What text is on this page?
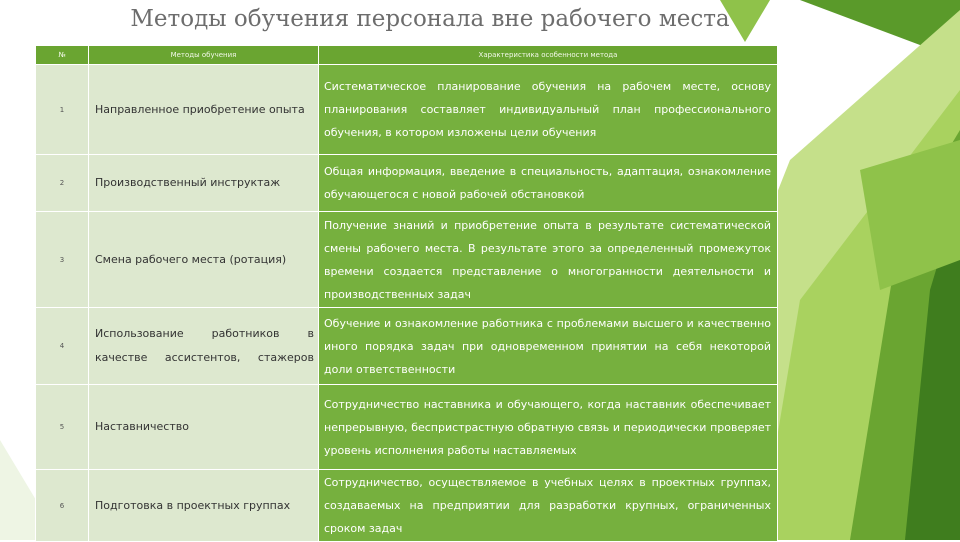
Методы обучения персонала вне рабочего места
№	Методы обучения	Характеристика особенности метода
1	Направленное приобретение опыта	Систематическое планирование обучения на рабочем месте, основу планирования составляет индивидуальный план профессионального обучения, в котором изложены цели обучения
2	Производственный инструктаж	Общая информация, введение в специальность, адаптация, ознакомление обучающегося с новой рабочей обстановкой
3	Смена рабочего места (ротация)	Получение знаний и приобретение опыта в результате систематической смены рабочего места. В результате этого за определенный промежуток времени создается представление о многогранности деятельности и производственных задач
4	Использование работников в качестве ассистентов, стажеров	Обучение и ознакомление работника с проблемами высшего и качественно иного порядка задач при одновременном принятии на себя некоторой доли ответственности
5	Наставничество	Сотрудничество наставника и обучающего, когда наставник обеспечивает непрерывную, беспристрастную обратную связь и периодически проверяет уровень исполнения работы наставляемых
6	Подготовка в проектных группах	Сотрудничество, осуществляемое в учебных целях в проектных группах, создаваемых на предприятии для разработки крупных, ограниченных сроком задач
